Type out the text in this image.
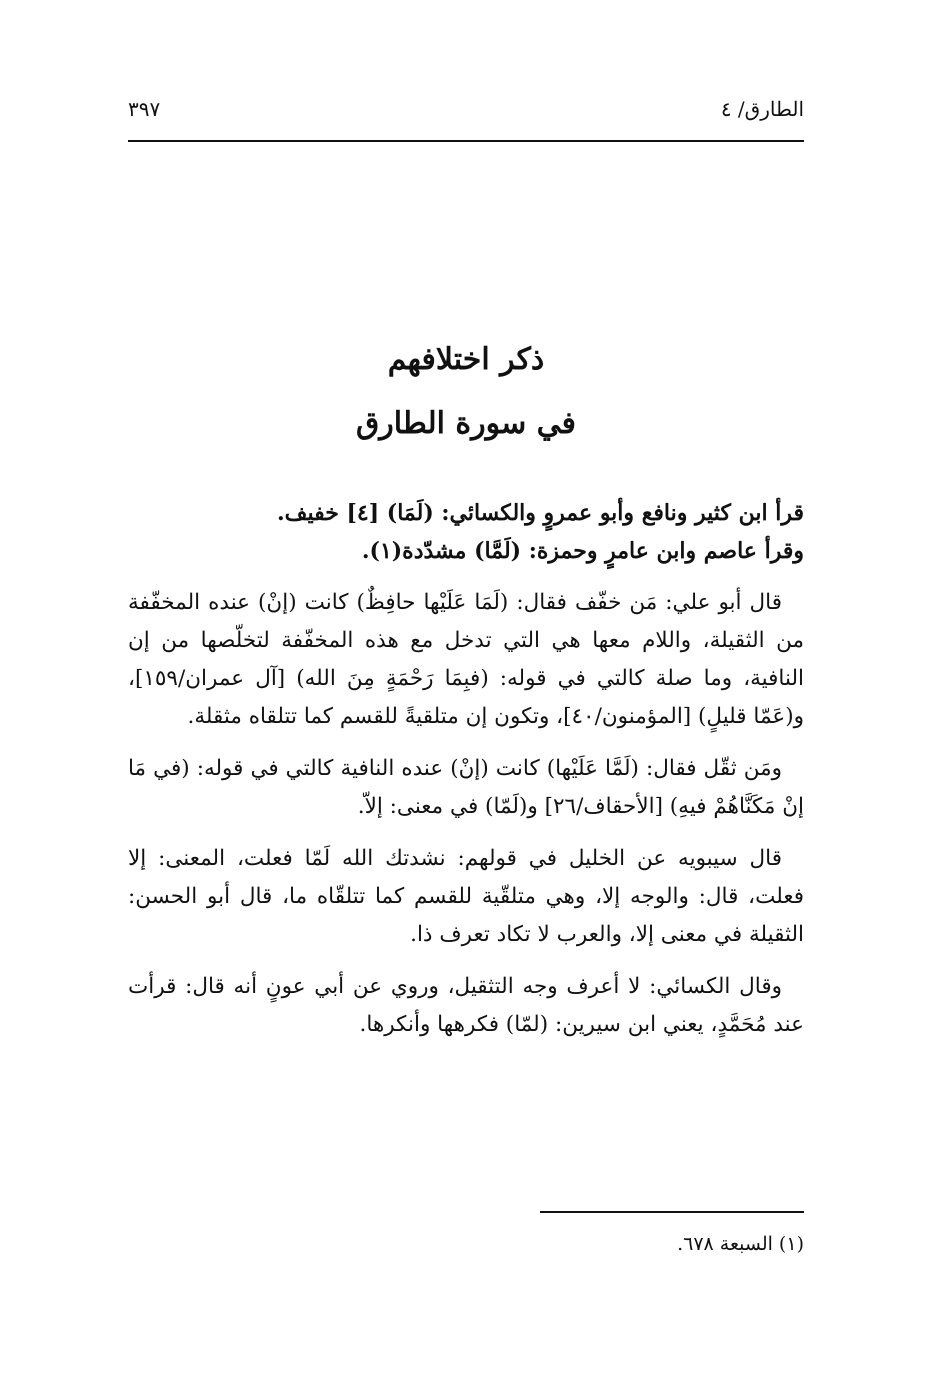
الطارق/ ٤
٣٩٧
ذكر اختلافهم
في سورة الطارق

قرأ ابن كثير ونافع وأبو عمروٍ والكسائي: (لَمَا) [٤] خفيف.

وقرأ عاصم وابن عامرٍ وحمزة: (لَمَّا) مشدّدة(١).

قال أبو علي: مَن خفّف فقال: (لَمَا عَلَيْها حافِظٌ) كانت (إنْ) عنده المخفّفة من الثقيلة، واللام معها هي التي تدخل مع هذه المخفّفة لتخلّصها من إن النافية، وما صلة كالتي في قوله: (فبِمَا رَحْمَةٍ مِنَ الله) [آل عمران/١٥٩]، و(عَمّا قليلٍ) [المؤمنون/٤٠]، وتكون إن متلقيةً للقسم كما تتلقاه مثقلة.

ومَن ثقّل فقال: (لَمَّا عَلَيْها) كانت (إنْ) عنده النافية كالتي في قوله: (في مَا إنْ مَكَنَّاهُمْ فيهِ) [الأحقاف/٢٦] و(لَمّا) في معنى: إلاّ.

قال سيبويه عن الخليل في قولهم: نشدتك الله لَمّا فعلت، المعنى: إلا فعلت، قال: والوجه إلا، وهي متلقّية للقسم كما تتلقّاه ما، قال أبو الحسن: الثقيلة في معنى إلا، والعرب لا تكاد تعرف ذا.

وقال الكسائي: لا أعرف وجه التثقيل، وروي عن أبي عونٍ أنه قال: قرأت عند مُحَمَّدٍ، يعني ابن سيرين: (لمّا) فكرهها وأنكرها.

(١) السبعة ٦٧٨.
